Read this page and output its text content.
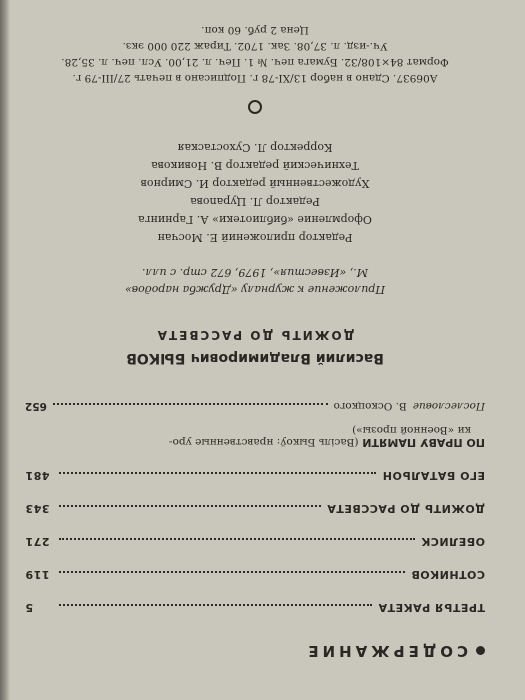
СОДЕРЖАНИЕ
ТРЕТЬЯ РАКЕТА
5
СОТНИКОВ
119
ОБЕЛИСК
271
ДОЖИТЬ ДО РАССВЕТА
343
ЕГО БАТАЛЬОН
481
ПО ПРАВУ ПАМЯТИ (Васіль Быкоў: нравственные уро-
ки «Военной прозы»)
Послесловие
В. Оскоцкого
652
Василий Владимирович БЫКОВ
ДОЖИТЬ ДО РАССВЕТА
Приложение к журналу «Дружба народов»
М., «Известия», 1979, 672 стр. с илл.
Редактор приложений Е. Мосчан
Оформление «библиотеки» А. Гарнинга
Редактор Л. Цурanова
Художественный редактор И. Смирнов
Технический редактор В. Новикова
Корректор Л. Сухостаская
А06937. Сдано в набор 13/XI-78 г. Подписано в печать 27/III-79 г.
Формат 84×108/32. Бумага печ. № 1. Печ. л. 21,00. Усл. печ. л. 35,28.
Уч.-изд. л. 37,08. Зак. 1702. Тираж 220 000 экз.
Цена 2 руб. 60 коп.
